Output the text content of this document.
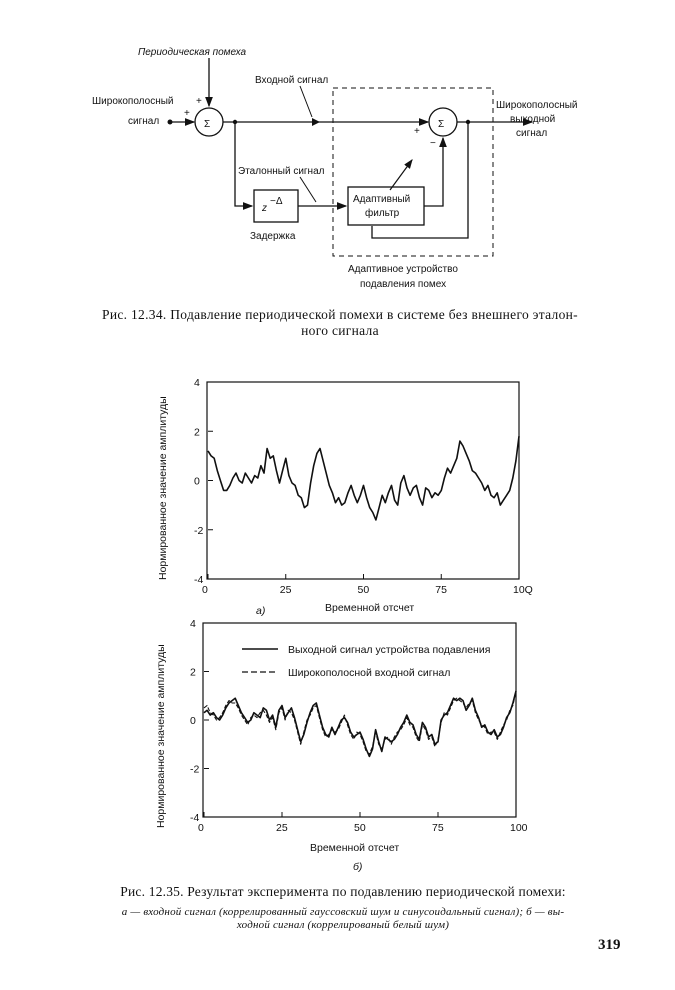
Периодическая помеха
Широкополосный
сигнал
+
+
Σ
Входной сигнал
Σ
+
−
Широкополосный
выходной
сигнал
Эталонный сигнал
z
−Δ
Задержка
Адаптивный
фильтр
Адаптивное устройство
подавления помех
Рис. 12.34. Подавление периодической помехи в системе без внешнего эталон-
ного сигнала
4
2
0
-2
-4
0	25	50	75	10Q
Нормированное значение амплитуды
а)	Временной отсчет
4
2
0
-2
-4
0	25	50	75	100
Нормированное значение амплитуды
Временной отсчет
б)
Выходной сигнал устройства подавления
Широкополосной входной сигнал
Рис. 12.35. Результат эксперимента по подавлению периодической помехи:
а — входной сигнал (коррелированный гауссовский шум и синусоидальный сигнал); б — вы-
ходной сигнал (коррелированый белый шум)
319
